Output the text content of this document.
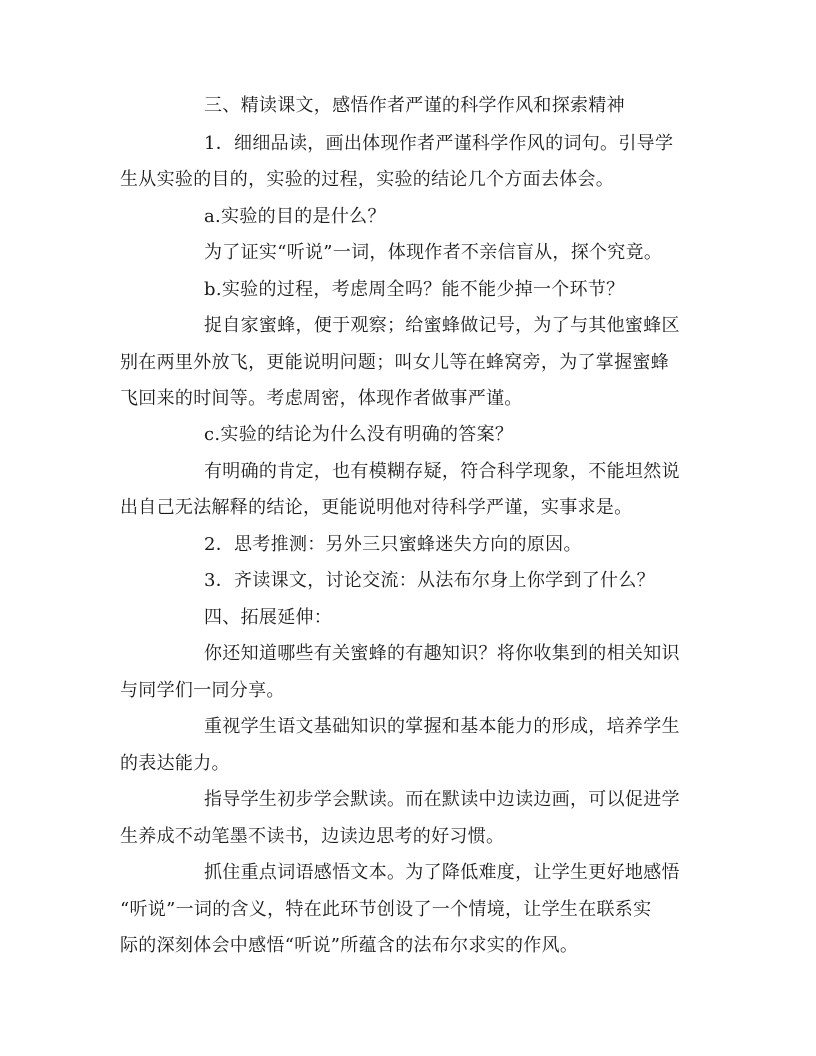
三、精读课文，感悟作者严谨的科学作风和探索精神

1．细细品读，画出体现作者严谨科学作风的词句。引导学

生从实验的目的，实验的过程，实验的结论几个方面去体会。

a.实验的目的是什么？

为了证实“听说”一词，体现作者不亲信盲从，探个究竟。

b.实验的过程，考虑周全吗？能不能少掉一个环节？

捉自家蜜蜂，便于观察；给蜜蜂做记号，为了与其他蜜蜂区

别在两里外放飞，更能说明问题；叫女儿等在蜂窝旁，为了掌握蜜蜂

飞回来的时间等。考虑周密，体现作者做事严谨。

c.实验的结论为什么没有明确的答案？

有明确的肯定，也有模糊存疑，符合科学现象，不能坦然说

出自己无法解释的结论，更能说明他对待科学严谨，实事求是。

2．思考推测：另外三只蜜蜂迷失方向的原因。

3．齐读课文，讨论交流：从法布尔身上你学到了什么？

四、拓展延伸：

你还知道哪些有关蜜蜂的有趣知识？将你收集到的相关知识

与同学们一同分享。

重视学生语文基础知识的掌握和基本能力的形成，培养学生

的表达能力。

指导学生初步学会默读。而在默读中边读边画，可以促进学

生养成不动笔墨不读书，边读边思考的好习惯。

抓住重点词语感悟文本。为了降低难度，让学生更好地感悟

“听说”一词的含义，特在此环节创设了一个情境，让学生在联系实

际的深刻体会中感悟“听说”所蕴含的法布尔求实的作风。
